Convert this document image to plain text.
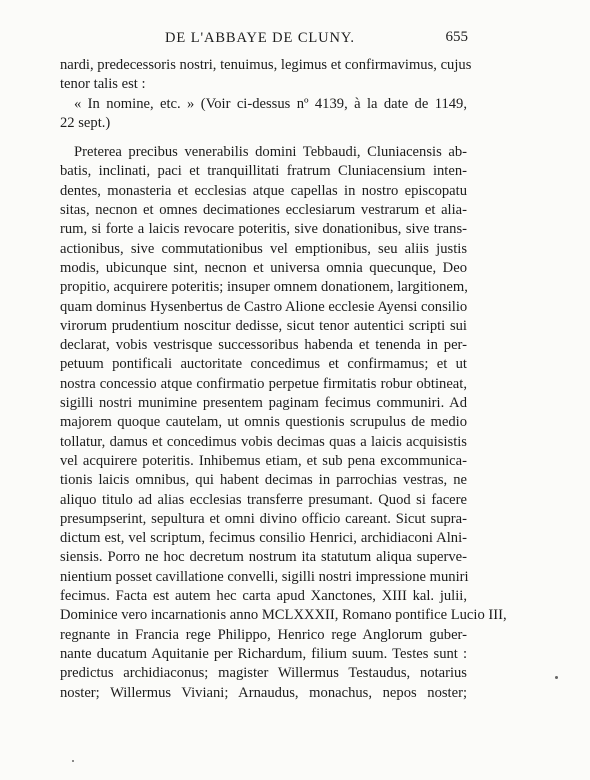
DE L'ABBAYE DE CLUNY.	655
nardi, predecessoris nostri, tenuimus, legimus et confirmavimus, cujus
tenor talis est :
« In nomine, etc. » (Voir ci-dessus nº 4139, à la date de 1149,
22 sept.)
Preterea precibus venerabilis domini Tebbaudi, Cluniacensis ab-
batis, inclinati, paci et tranquillitati fratrum Cluniacensium inten-
dentes, monasteria et ecclesias atque capellas in nostro episcopatu
sitas, necnon et omnes decimationes ecclesiarum vestrarum et alia-
rum, si forte a laicis revocare poteritis, sive donationibus, sive trans-
actionibus, sive commutationibus vel emptionibus, seu aliis justis
modis, ubicunque sint, necnon et universa omnia quecunque, Deo
propitio, acquirere poteritis; insuper omnem donationem, largitionem,
quam dominus Hysenbertus de Castro Alione ecclesie Ayensi consilio
virorum prudentium noscitur dedisse, sicut tenor autentici scripti sui
declarat, vobis vestrisque successoribus habenda et tenenda in per-
petuum pontificali auctoritate concedimus et confirmamus; et ut
nostra concessio atque confirmatio perpetue firmitatis robur obtineat,
sigilli nostri munimine presentem paginam fecimus communiri. Ad
majorem quoque cautelam, ut omnis questionis scrupulus de medio
tollatur, damus et concedimus vobis decimas quas a laicis acquisistis
vel acquirere poteritis. Inhibemus etiam, et sub pena excommunica-
tionis laicis omnibus, qui habent decimas in parrochias vestras, ne
aliquo titulo ad alias ecclesias transferre presumant. Quod si facere
presumpserint, sepultura et omni divino officio careant. Sicut supra-
dictum est, vel scriptum, fecimus consilio Henrici, archidiaconi Alni-
siensis. Porro ne hoc decretum nostrum ita statutum aliqua superve-
nientium posset cavillatione convelli, sigilli nostri impressione muniri
fecimus. Facta est autem hec carta apud Xanctones, XIII kal. julii,
Dominice vero incarnationis anno MCLXXXII, Romano pontifice Lucio III,
regnante in Francia rege Philippo, Henrico rege Anglorum guber-
nante ducatum Aquitanie per Richardum, filium suum. Testes sunt :
predictus archidiaconus; magister Willermus Testaudus, notarius
noster; Willermus Viviani; Arnaudus, monachus, nepos noster;
